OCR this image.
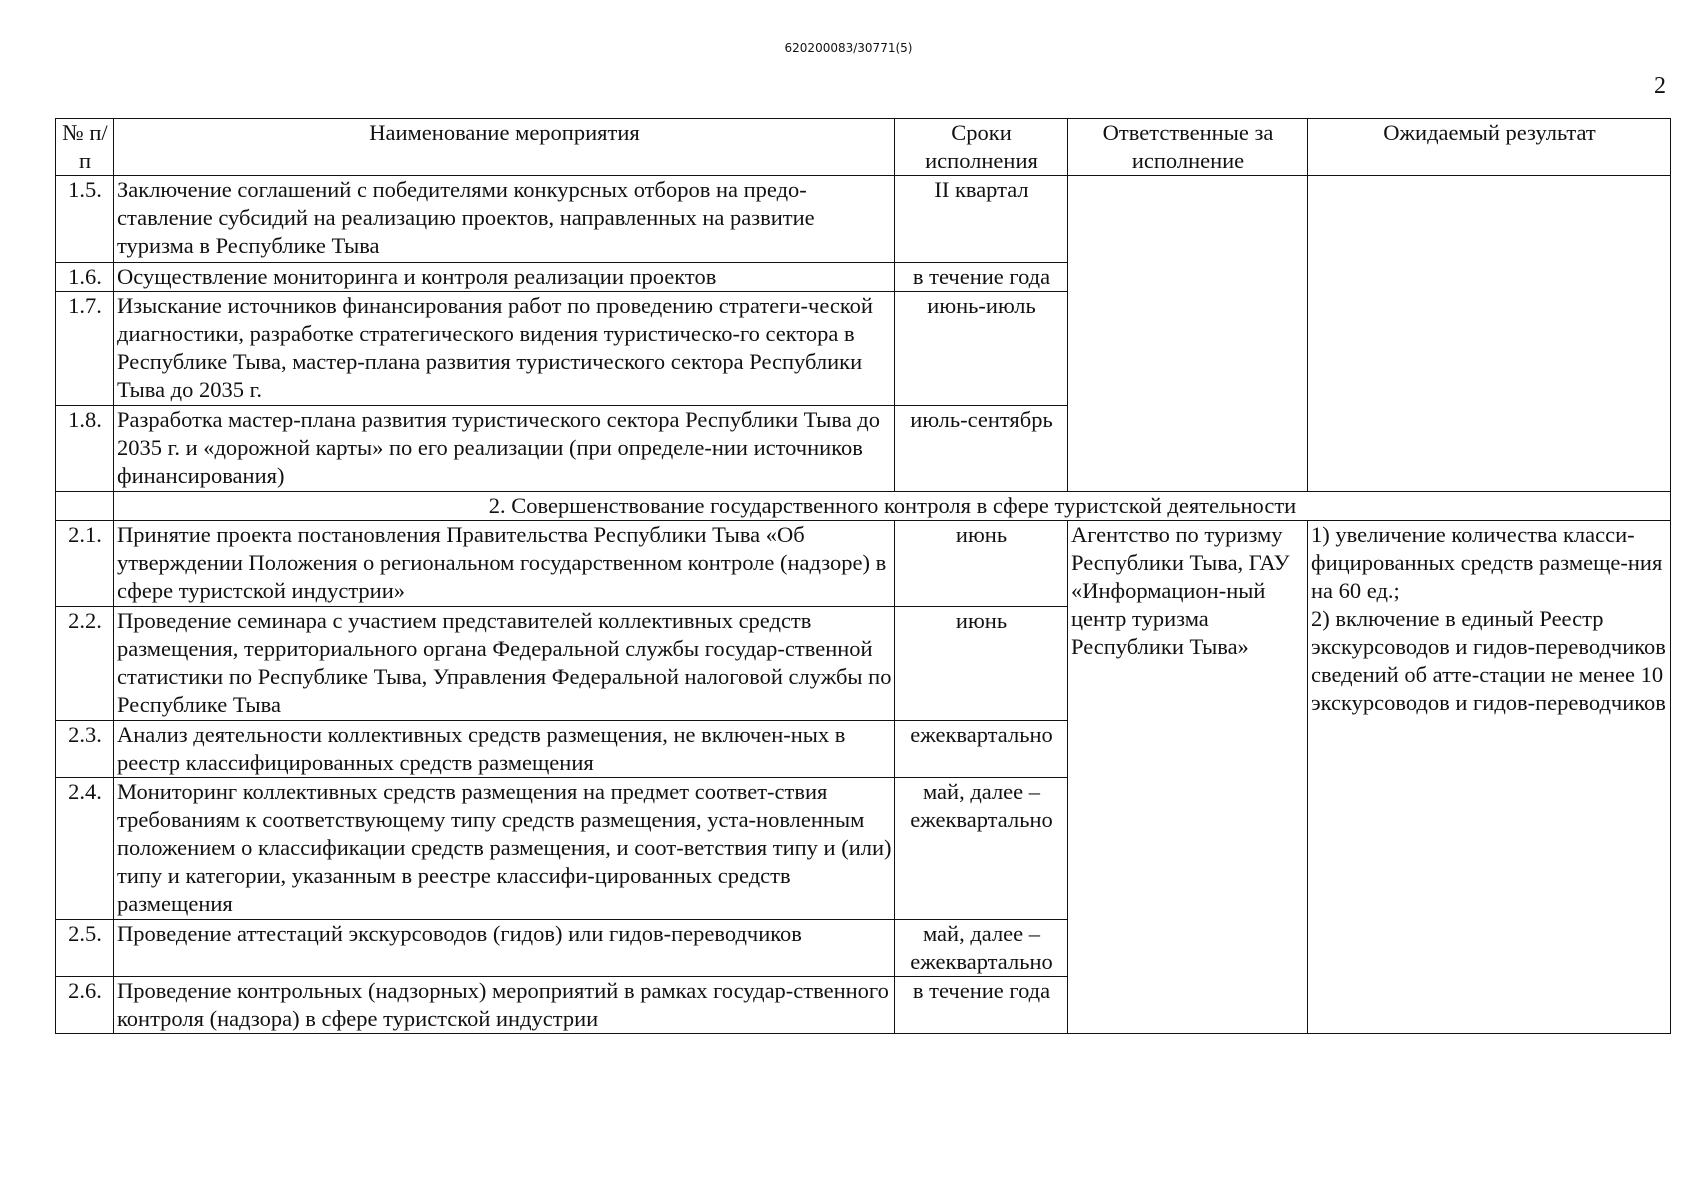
620200083/30771(5)
2
№ п/п	Наименование мероприятия	Сроки исполнения	Ответственные за исполнение	Ожидаемый результат
1.5.	Заключение соглашений с победителями конкурсных отборов на предо-ставление субсидий на реализацию проектов, направленных на развитие туризма в Республике Тыва	II квартал		
1.6.	Осуществление мониторинга и контроля реализации проектов	в течение года		
1.7.	Изыскание источников финансирования работ по проведению стратеги-ческой диагностики, разработке стратегического видения туристическо-го сектора в Республике Тыва, мастер-плана развития туристического сектора Республики Тыва до 2035 г.	июнь-июль		
1.8.	Разработка мастер-плана развития туристического сектора Республики Тыва до 2035 г. и «дорожной карты» по его реализации (при определе-нии источников финансирования)	июль-сентябрь		
	2. Совершенствование государственного контроля в сфере туристской деятельности			
2.1.	Принятие проекта постановления Правительства Республики Тыва «Об утверждении Положения о региональном государственном контроле (надзоре) в сфере туристской индустрии»	июнь	Агентство по туризму Республики Тыва, ГАУ «Информацион-ный центр туризма Республики Тыва»	1) увеличение количества класси-фицированных средств размеще-ния на 60 ед.;
2) включение в единый Реестр экскурсоводов и гидов-переводчиков сведений об атте-стации не менее 10 экскурсоводов и гидов-переводчиков

2.2.	Проведение семинара с участием представителей коллективных средств размещения, территориального органа Федеральной службы государ-ственной статистики по Республике Тыва, Управления Федеральной налоговой службы по Республике Тыва	июнь		
2.3.	Анализ деятельности коллективных средств размещения, не включен-ных в реестр классифицированных средств размещения	ежеквартально		
2.4.	Мониторинг коллективных средств размещения на предмет соответ-ствия требованиям к соответствующему типу средств размещения, уста-новленным положением о классификации средств размещения, и соот-ветствия типу и (или) типу и категории, указанным в реестре классифи-цированных средств размещения	май, далее – ежеквартально		
2.5.	Проведение аттестаций экскурсоводов (гидов) или гидов-переводчиков	май, далее – ежеквартально		
2.6.	Проведение контрольных (надзорных) мероприятий в рамках государ-ственного контроля (надзора) в сфере туристской индустрии	в течение года		
